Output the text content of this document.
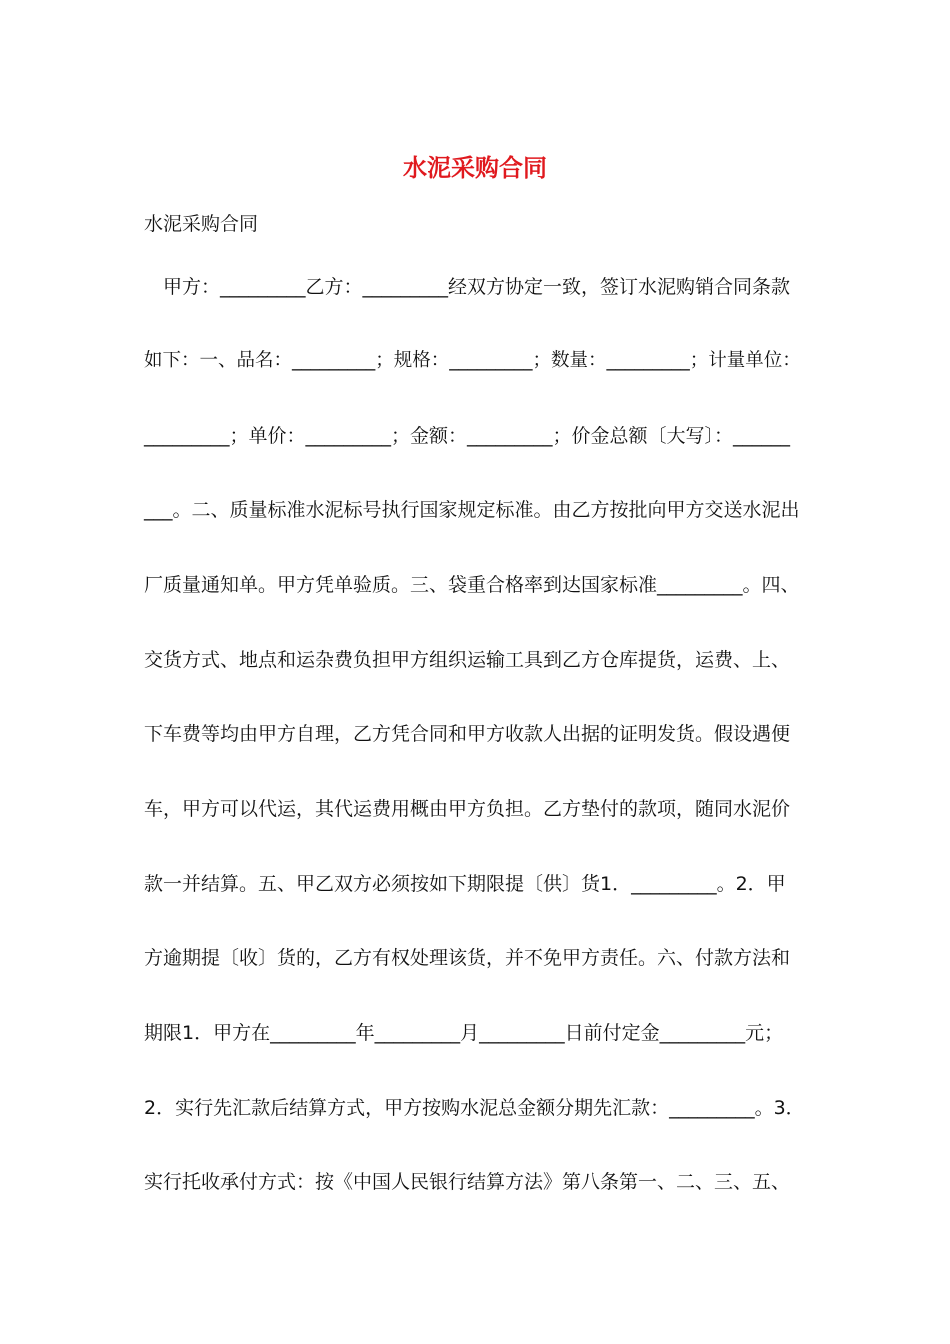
水泥采购合同

水泥采购合同

　甲方：_________乙方：_________经双方协定一致，签订水泥购销合同条款

如下：一、品名：_________；规格：_________；数量：_________；计量单位：

_________；单价：_________；金额：_________；价金总额〔大写〕：______

___。二、质量标准水泥标号执行国家规定标准。由乙方按批向甲方交送水泥出

厂质量通知单。甲方凭单验质。三、袋重合格率到达国家标准_________。四、

交货方式、地点和运杂费负担甲方组织运输工具到乙方仓库提货，运费、上、

下车费等均由甲方自理，乙方凭合同和甲方收款人出据的证明发货。假设遇便

车，甲方可以代运，其代运费用概由甲方负担。乙方垫付的款项，随同水泥价

款一并结算。五、甲乙双方必须按如下期限提〔供〕货1．_________。2．甲

方逾期提〔收〕货的，乙方有权处理该货，并不免甲方责任。六、付款方法和

期限1．甲方在_________年_________月_________日前付定金_________元；

2．实行先汇款后结算方式，甲方按购水泥总金额分期先汇款：_________。3．

实行托收承付方式：按《中国人民银行结算方法》第八条第一、二、三、五、
